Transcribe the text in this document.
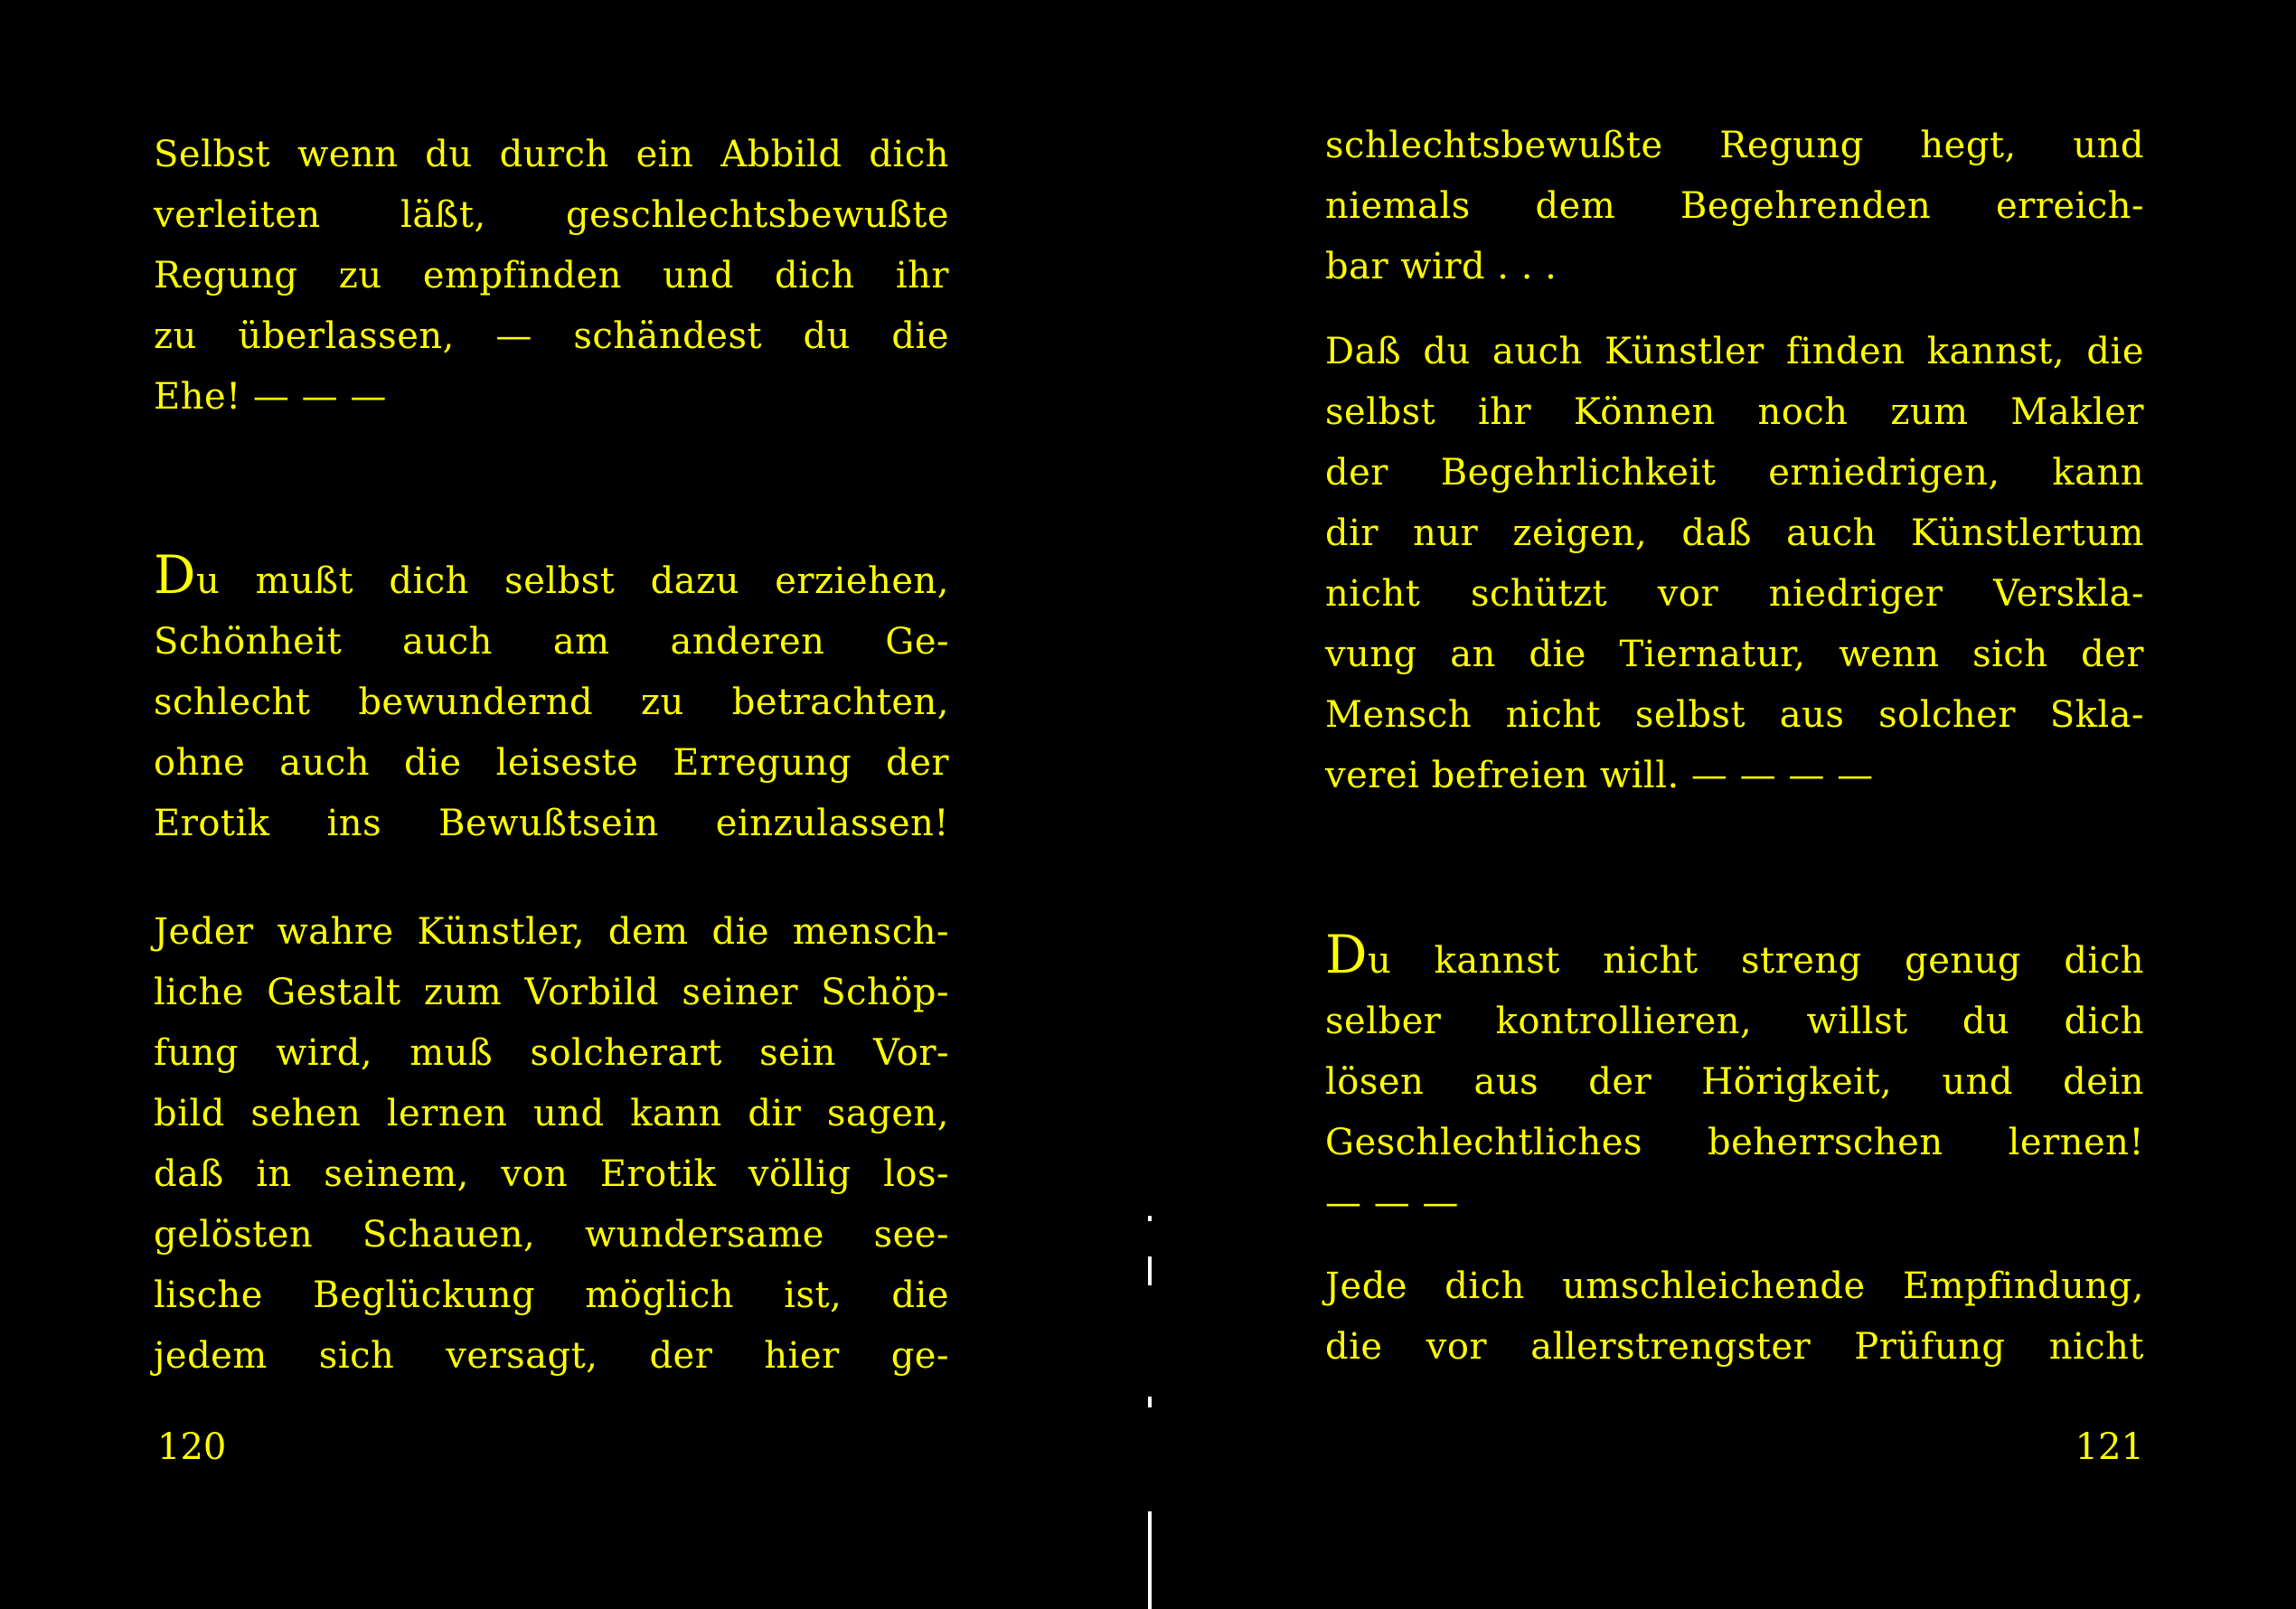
Selbst wenn du durch ein Abbild dich
verleiten läßt, geschlechtsbewußte
Regung zu empfinden und dich ihr
zu überlassen, — schändest du die
Ehe! — — —

Du mußt dich selbst dazu erziehen,
Schönheit auch am anderen Ge-
schlecht bewundernd zu betrachten,
ohne auch die leiseste Erregung der
Erotik ins Bewußtsein einzulassen!

Jeder wahre Künstler, dem die mensch-
liche Gestalt zum Vorbild seiner Schöp-
fung wird, muß solcherart sein Vor-
bild sehen lernen und kann dir sagen,
daß in seinem, von Erotik völlig los-
gelösten Schauen, wundersame see-
lische Beglückung möglich ist, die
jedem sich versagt, der hier ge-

120

schlechtsbewußte Regung hegt, und
niemals dem Begehrenden erreich-
bar wird . . .

Daß du auch Künstler finden kannst, die
selbst ihr Können noch zum Makler
der Begehrlichkeit erniedrigen, kann
dir nur zeigen, daß auch Künstlertum
nicht schützt vor niedriger Verskla-
vung an die Tiernatur, wenn sich der
Mensch nicht selbst aus solcher Skla-
verei befreien will. — — — —

Du kannst nicht streng genug dich
selber kontrollieren, willst du dich
lösen aus der Hörigkeit, und dein
Geschlechtliches beherrschen lernen!
— — —

Jede dich umschleichende Empfindung,
die vor allerstrengster Prüfung nicht

121
